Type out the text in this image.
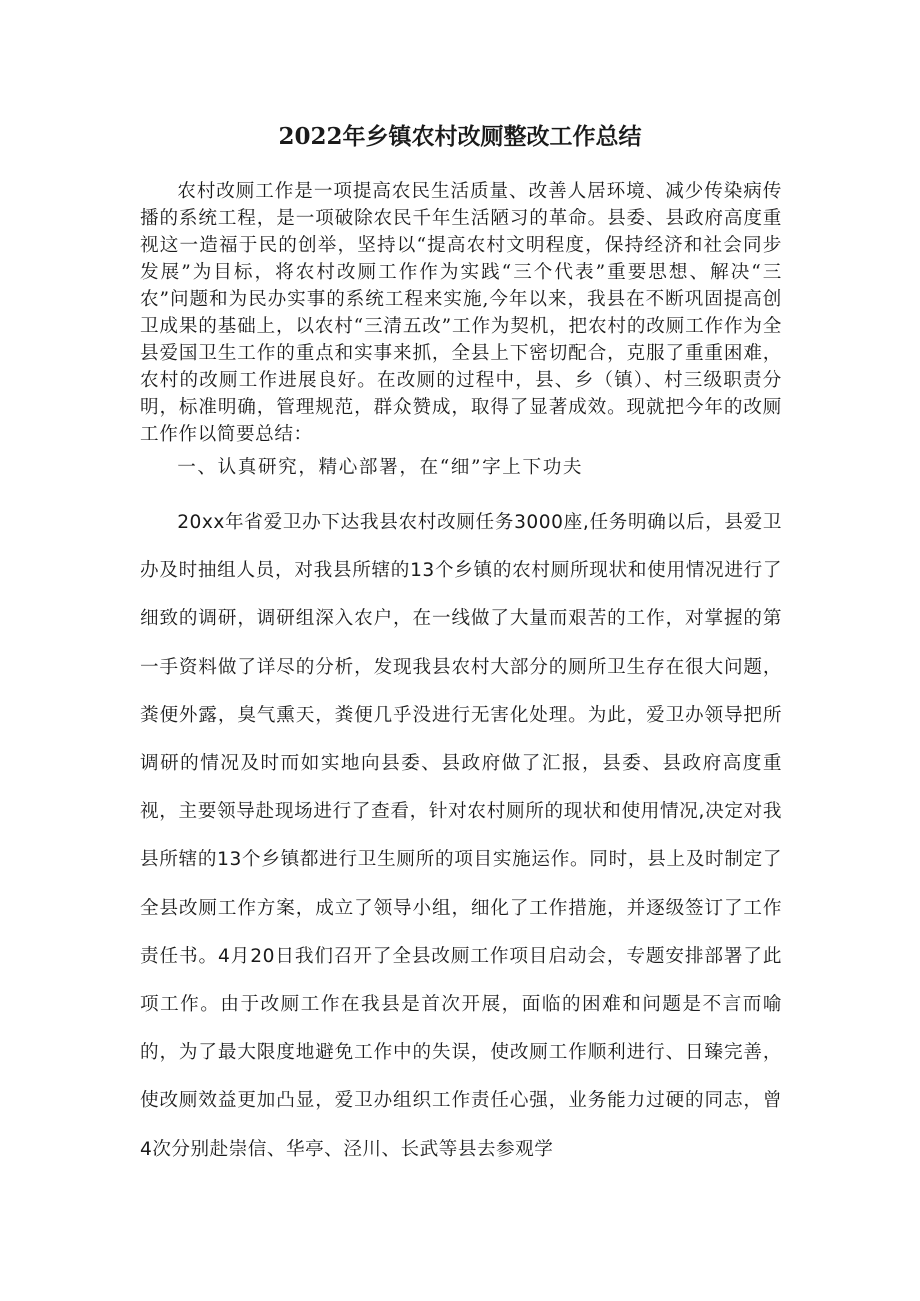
2022年乡镇农村改厕整改工作总结

农村改厕工作是一项提高农民生活质量、改善人居环境、减少传染病传播的系统工程，是一项破除农民千年生活陋习的革命。县委、县政府高度重视这一造福于民的创举，坚持以“提高农村文明程度，保持经济和社会同步发展”为目标，将农村改厕工作作为实践“三个代表”重要思想、解决“三农”问题和为民办实事的系统工程来实施,今年以来，我县在不断巩固提高创卫成果的基础上，以农村“三清五改”工作为契机，把农村的改厕工作作为全县爱国卫生工作的重点和实事来抓，全县上下密切配合，克服了重重困难，农村的改厕工作进展良好。在改厕的过程中，县、乡（镇）、村三级职责分明，标准明确，管理规范，群众赞成，取得了显著成效。现就把今年的改厕工作作以简要总结：

一、认真研究，精心部署，在“细”字上下功夫

20xx年省爱卫办下达我县农村改厕任务3000座,任务明确以后，县爱卫办及时抽组人员，对我县所辖的13个乡镇的农村厕所现状和使用情况进行了细致的调研，调研组深入农户，在一线做了大量而艰苦的工作，对掌握的第一手资料做了详尽的分析，发现我县农村大部分的厕所卫生存在很大问题，粪便外露，臭气熏天，粪便几乎没进行无害化处理。为此，爱卫办领导把所调研的情况及时而如实地向县委、县政府做了汇报，县委、县政府高度重视，主要领导赴现场进行了查看，针对农村厕所的现状和使用情况,决定对我县所辖的13个乡镇都进行卫生厕所的项目实施运作。同时，县上及时制定了全县改厕工作方案，成立了领导小组，细化了工作措施，并逐级签订了工作责任书。4月20日我们召开了全县改厕工作项目启动会，专题安排部署了此项工作。由于改厕工作在我县是首次开展，面临的困难和问题是不言而喻的，为了最大限度地避免工作中的失误，使改厕工作顺利进行、日臻完善，使改厕效益更加凸显，爱卫办组织工作责任心强，业务能力过硬的同志，曾4次分别赴崇信、华亭、泾川、长武等县去参观学
